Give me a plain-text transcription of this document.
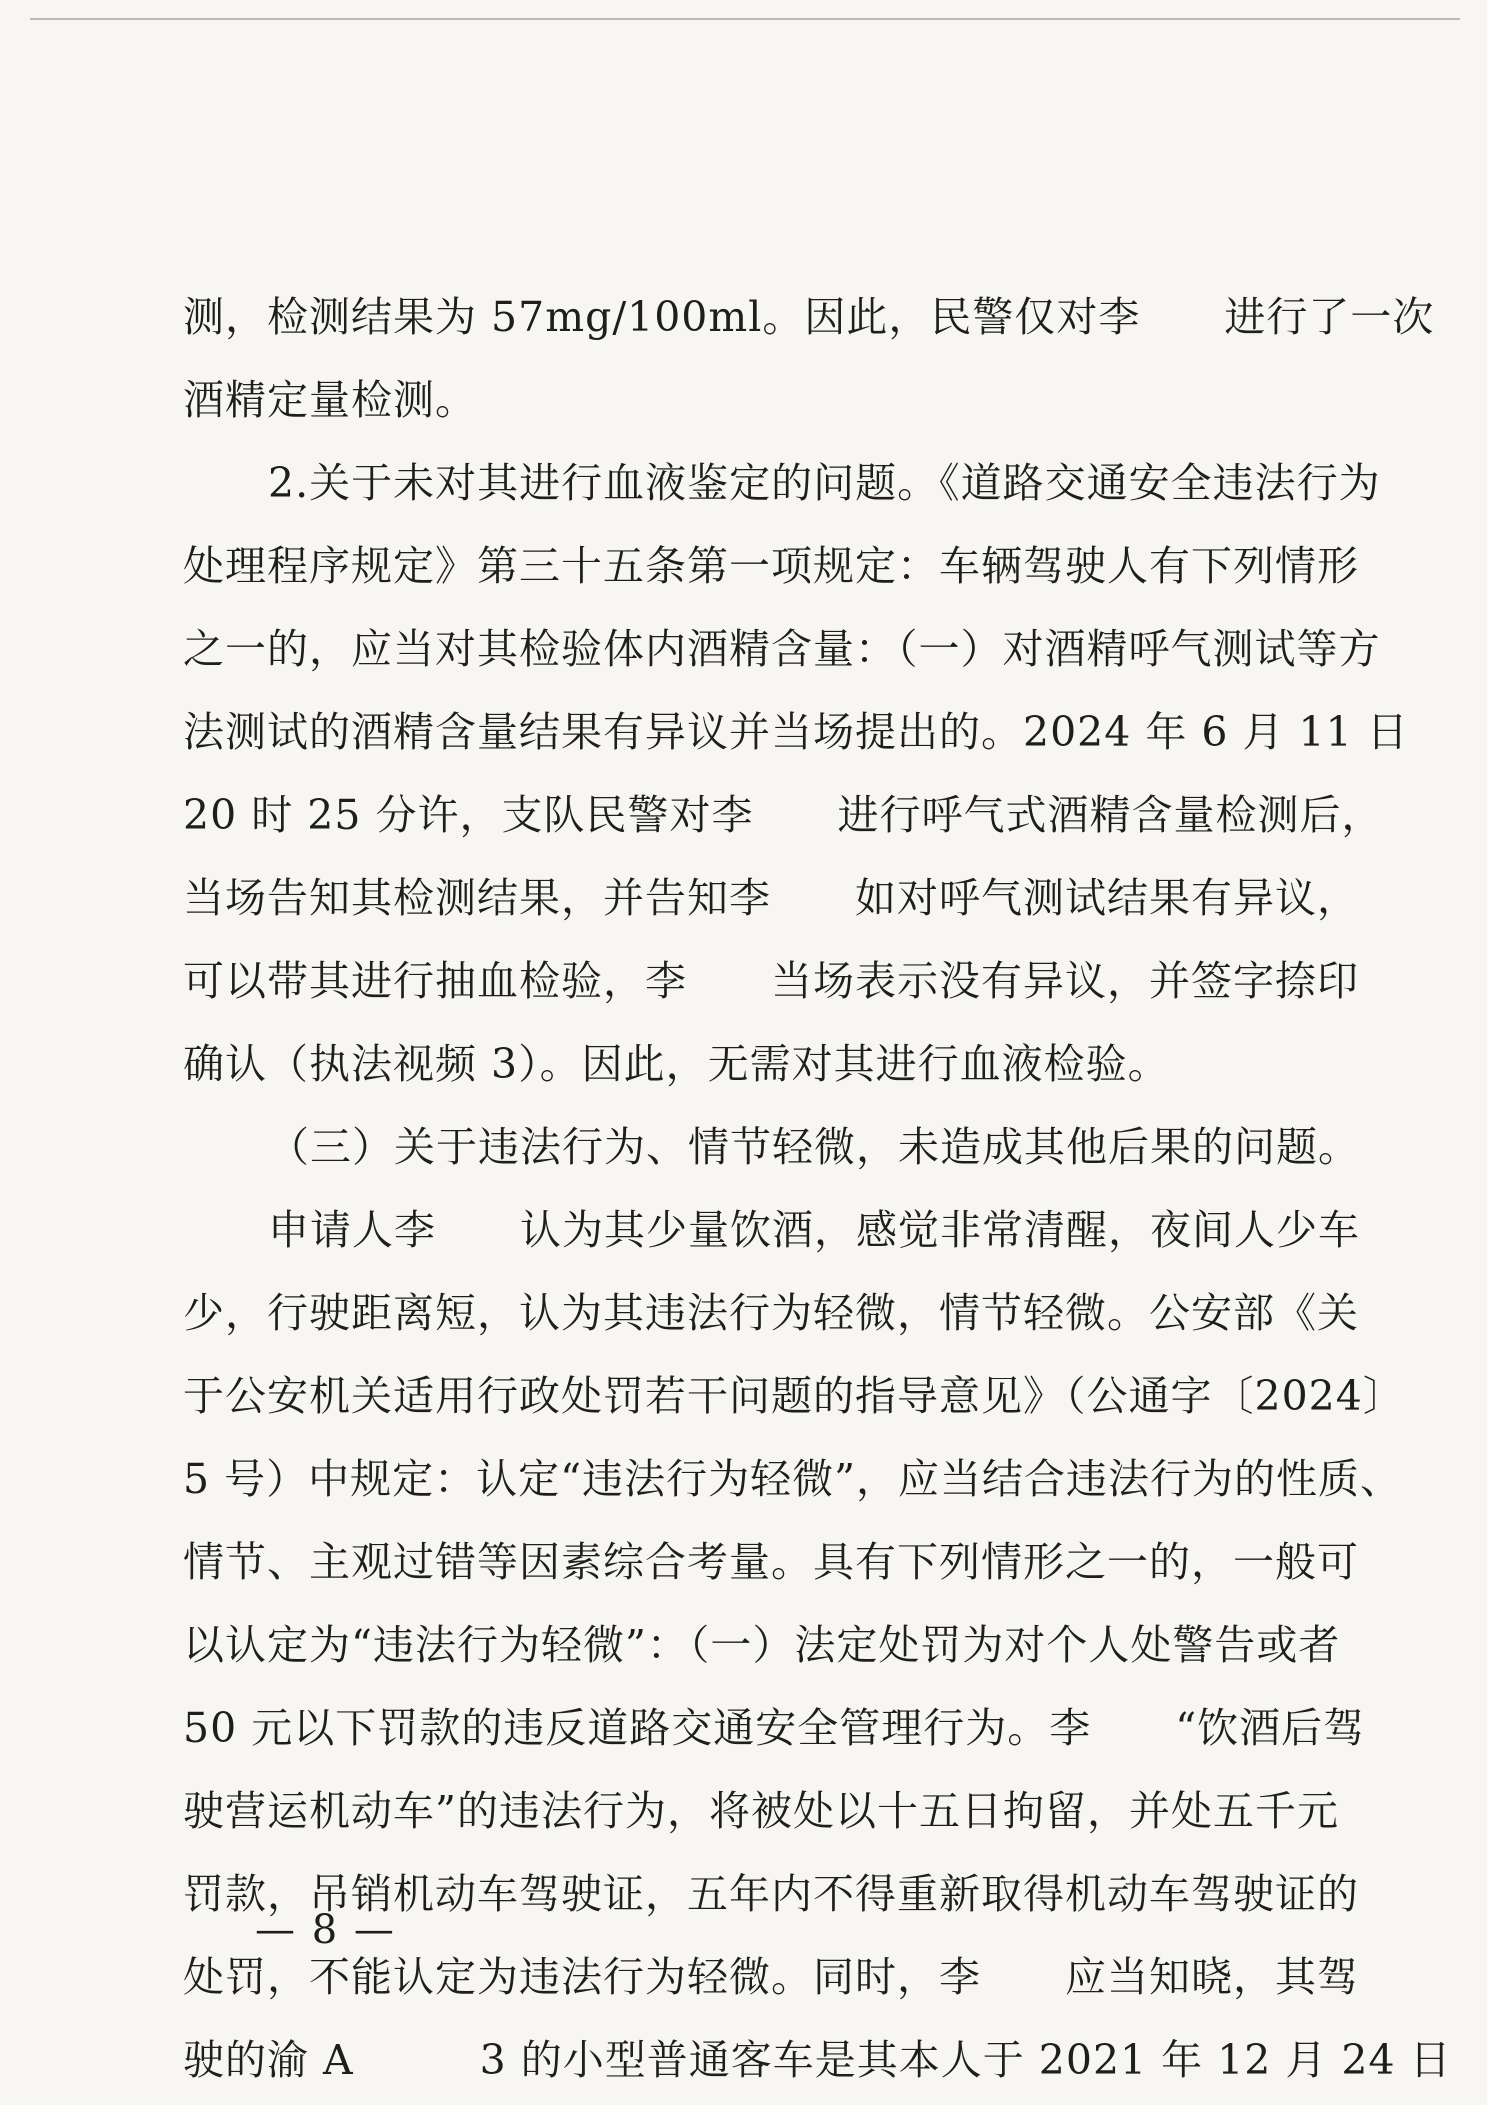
测，检测结果为 57mg/100ml。因此，民警仅对李　　进行了一次
酒精定量检测。
2.关于未对其进行血液鉴定的问题。《道路交通安全违法行为
处理程序规定》第三十五条第一项规定：车辆驾驶人有下列情形
之一的，应当对其检验体内酒精含量：（一）对酒精呼气测试等方
法测试的酒精含量结果有异议并当场提出的。2024 年 6 月 11 日
20 时 25 分许，支队民警对李　　进行呼气式酒精含量检测后，
当场告知其检测结果，并告知李　　如对呼气测试结果有异议，
可以带其进行抽血检验，李　　当场表示没有异议，并签字捺印
确认（执法视频 3）。因此，无需对其进行血液检验。
（三）关于违法行为、情节轻微，未造成其他后果的问题。
申请人李　　认为其少量饮酒，感觉非常清醒，夜间人少车
少，行驶距离短，认为其违法行为轻微，情节轻微。公安部《关
于公安机关适用行政处罚若干问题的指导意见》（公通字〔2024〕
5 号）中规定：认定“违法行为轻微”，应当结合违法行为的性质、
情节、主观过错等因素综合考量。具有下列情形之一的，一般可
以认定为“违法行为轻微”：（一）法定处罚为对个人处警告或者
50 元以下罚款的违反道路交通安全管理行为。李　　“饮酒后驾
驶营运机动车”的违法行为，将被处以十五日拘留，并处五千元
罚款，吊销机动车驾驶证，五年内不得重新取得机动车驾驶证的
处罚，不能认定为违法行为轻微。同时，李　　应当知晓，其驾
驶的渝 A　　　3 的小型普通客车是其本人于 2021 年 12 月 24 日
— 8 —
